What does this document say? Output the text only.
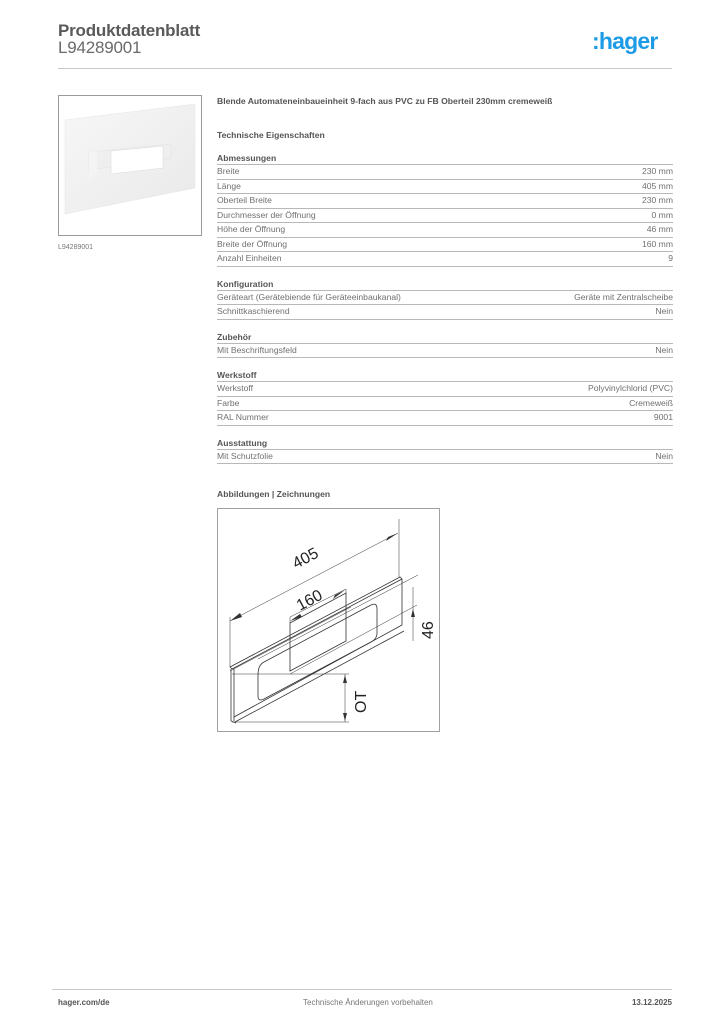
Produktdatenblatt
L94289001	:hager
L94289001
Blende Automateneinbaueinheit 9-fach aus PVC zu FB Oberteil 230mm cremeweiß
Technische Eigenschaften
Abmessungen
Breite	230 mm
Länge	405 mm
Oberteil Breite	230 mm
Durchmesser der Öffnung	0 mm
Höhe der Öffnung	46 mm
Breite der Öffnung	160 mm
Anzahl Einheiten	9
Konfiguration
Geräteart (Gerätebiende für Geräteeinbaukanal)	Geräte mit Zentralscheibe
Schnittkaschierend	Nein
Zubehör
Mit Beschriftungsfeld	Nein
Werkstoff
Werkstoff	Polyvinylchlorid (PVC)
Farbe	Cremeweiß
RAL Nummer	9001
Ausstattung
Mit Schutzfolie	Nein
Abbildungen | Zeichnungen
405
160
46
OT
hager.com/de	Technische Änderungen vorbehalten	13.12.2025
